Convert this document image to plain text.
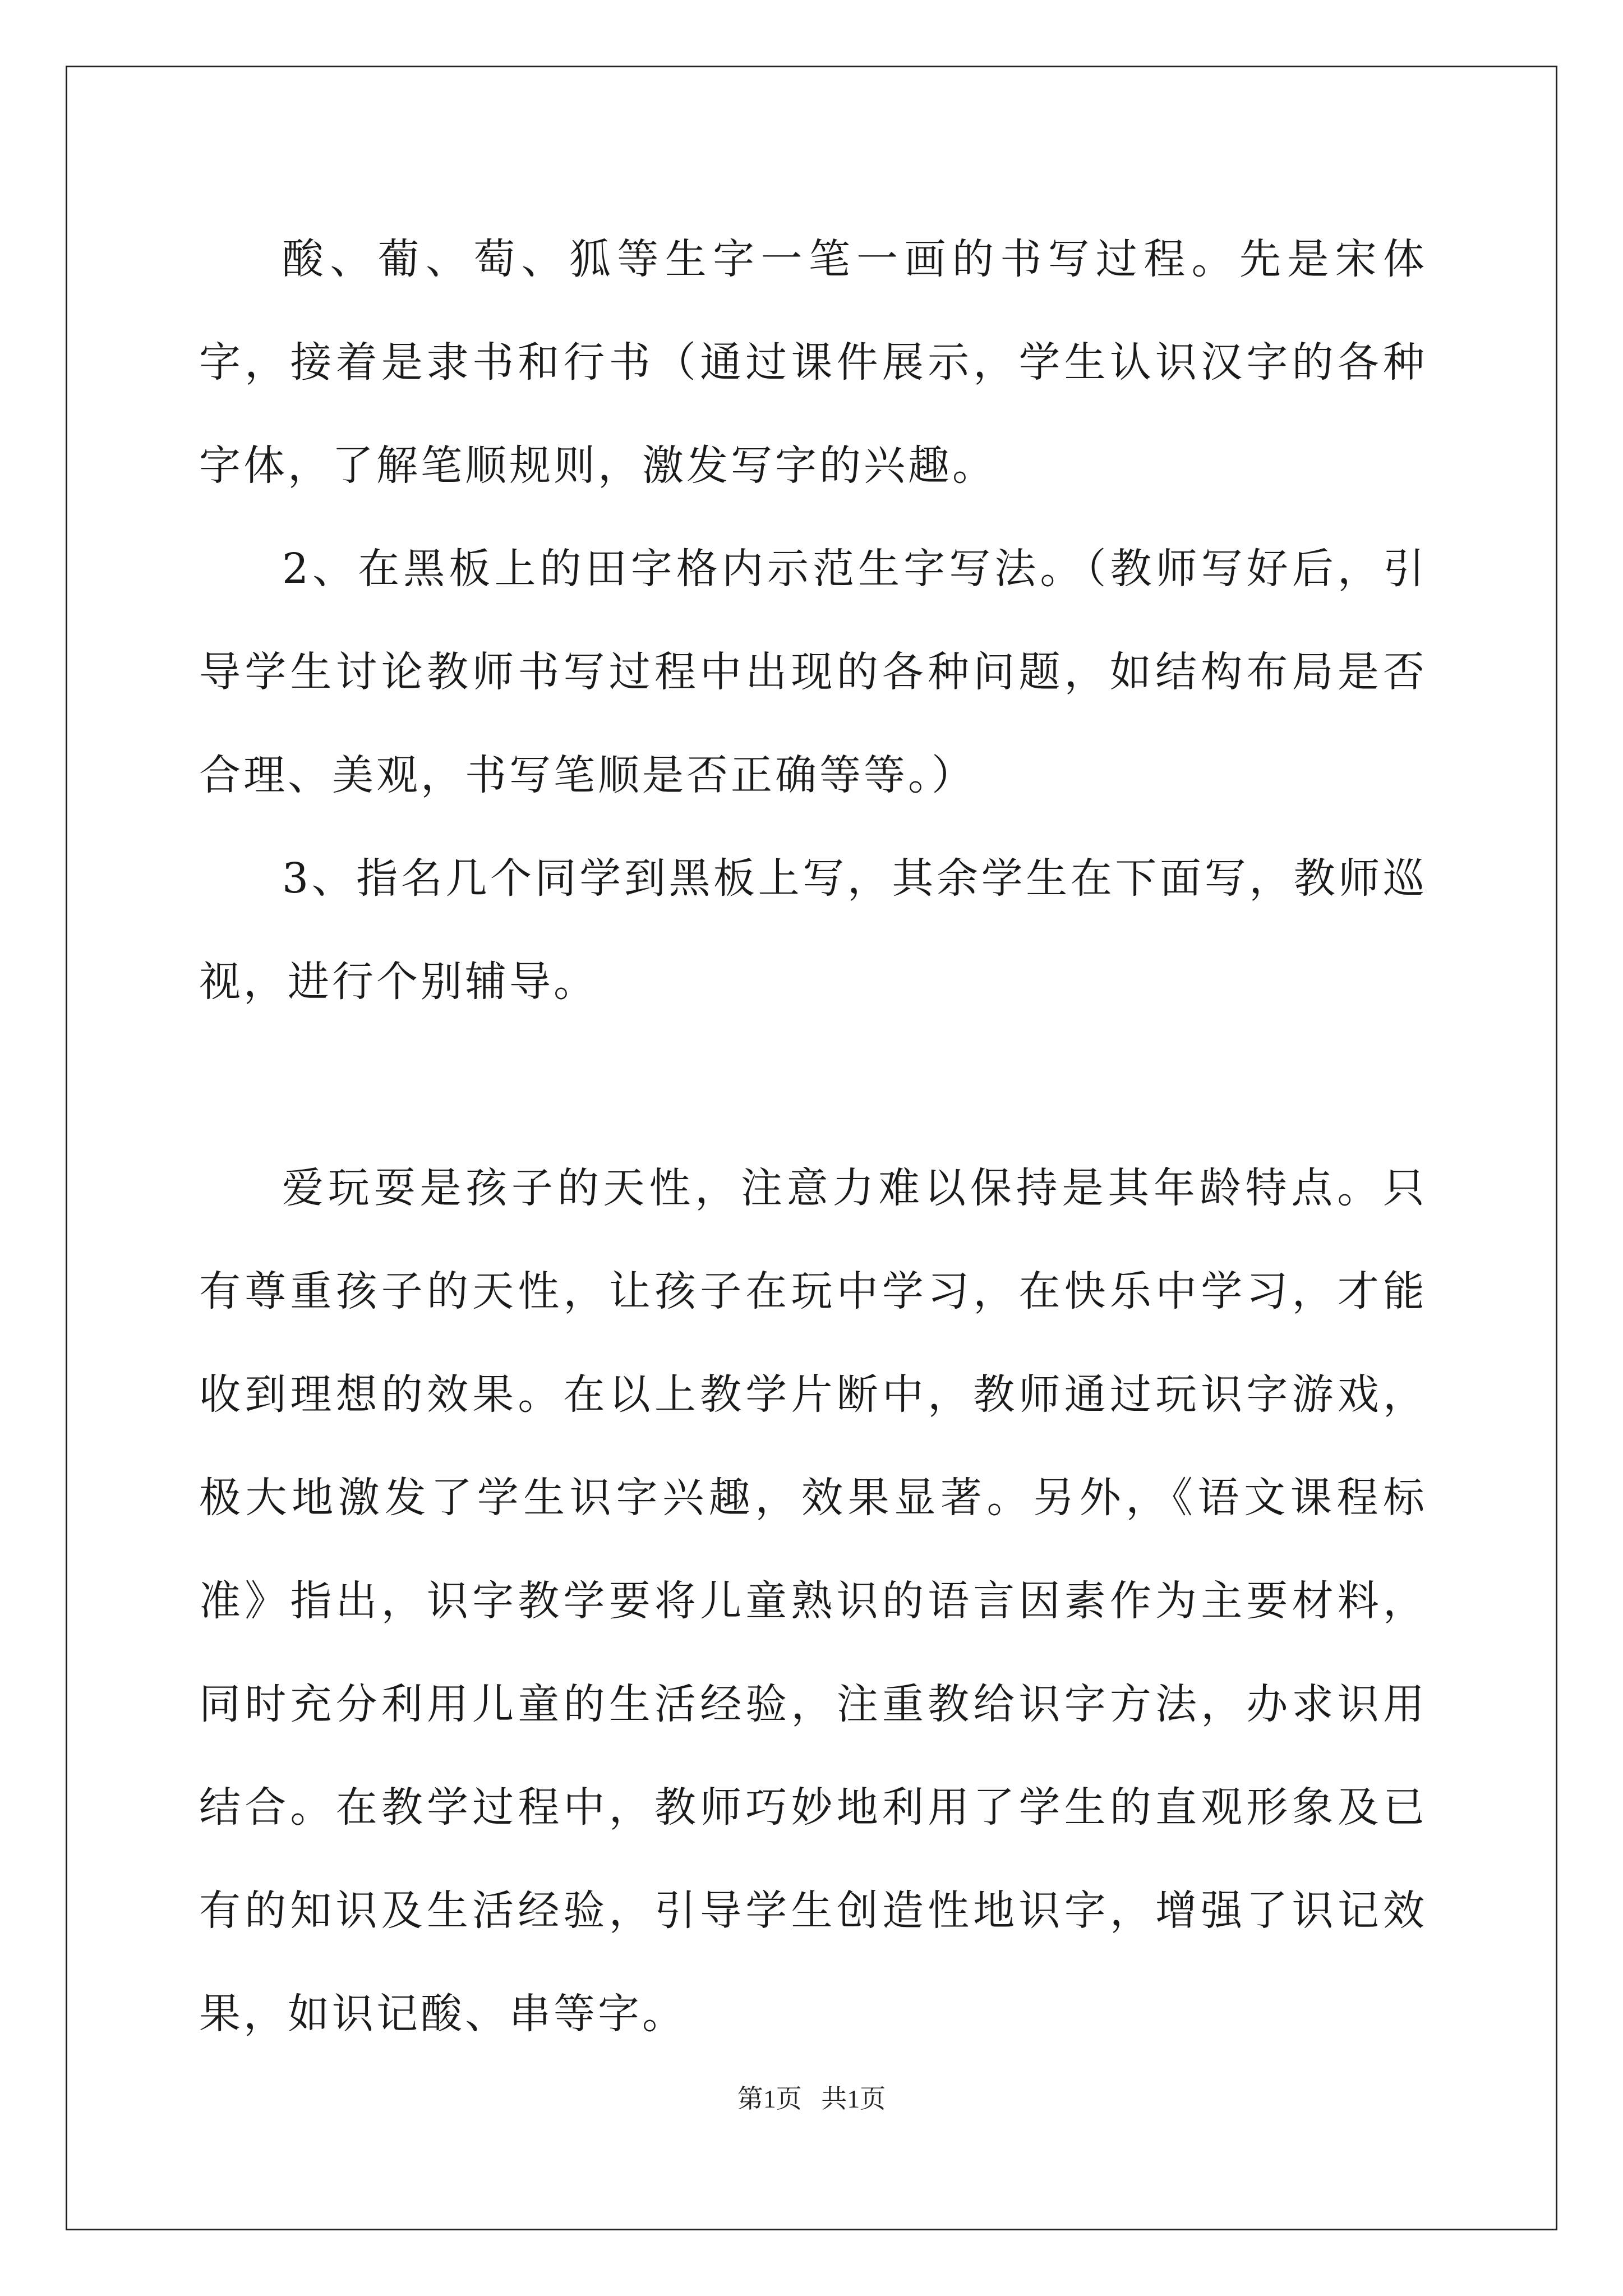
酸、葡、萄、狐等生字一笔一画的书写过程。先是宋体字，接着是隶书和行书（通过课件展示，学生认识汉字的各种字体，了解笔顺规则，激发写字的兴趣。

2、在黑板上的田字格内示范生字写法。（教师写好后，引导学生讨论教师书写过程中出现的各种问题，如结构布局是否合理、美观，书写笔顺是否正确等等。）

3、指名几个同学到黑板上写，其余学生在下面写，教师巡视，进行个别辅导。

爱玩耍是孩子的天性，注意力难以保持是其年龄特点。只有尊重孩子的天性，让孩子在玩中学习，在快乐中学习，才能收到理想的效果。在以上教学片断中，教师通过玩识字游戏，极大地激发了学生识字兴趣，效果显著。另外，《语文课程标准》指出，识字教学要将儿童熟识的语言因素作为主要材料，同时充分利用儿童的生活经验，注重教给识字方法，办求识用结合。在教学过程中，教师巧妙地利用了学生的直观形象及已有的知识及生活经验，引导学生创造性地识字，增强了识记效果，如识记酸、串等字。

第1页   共1页
